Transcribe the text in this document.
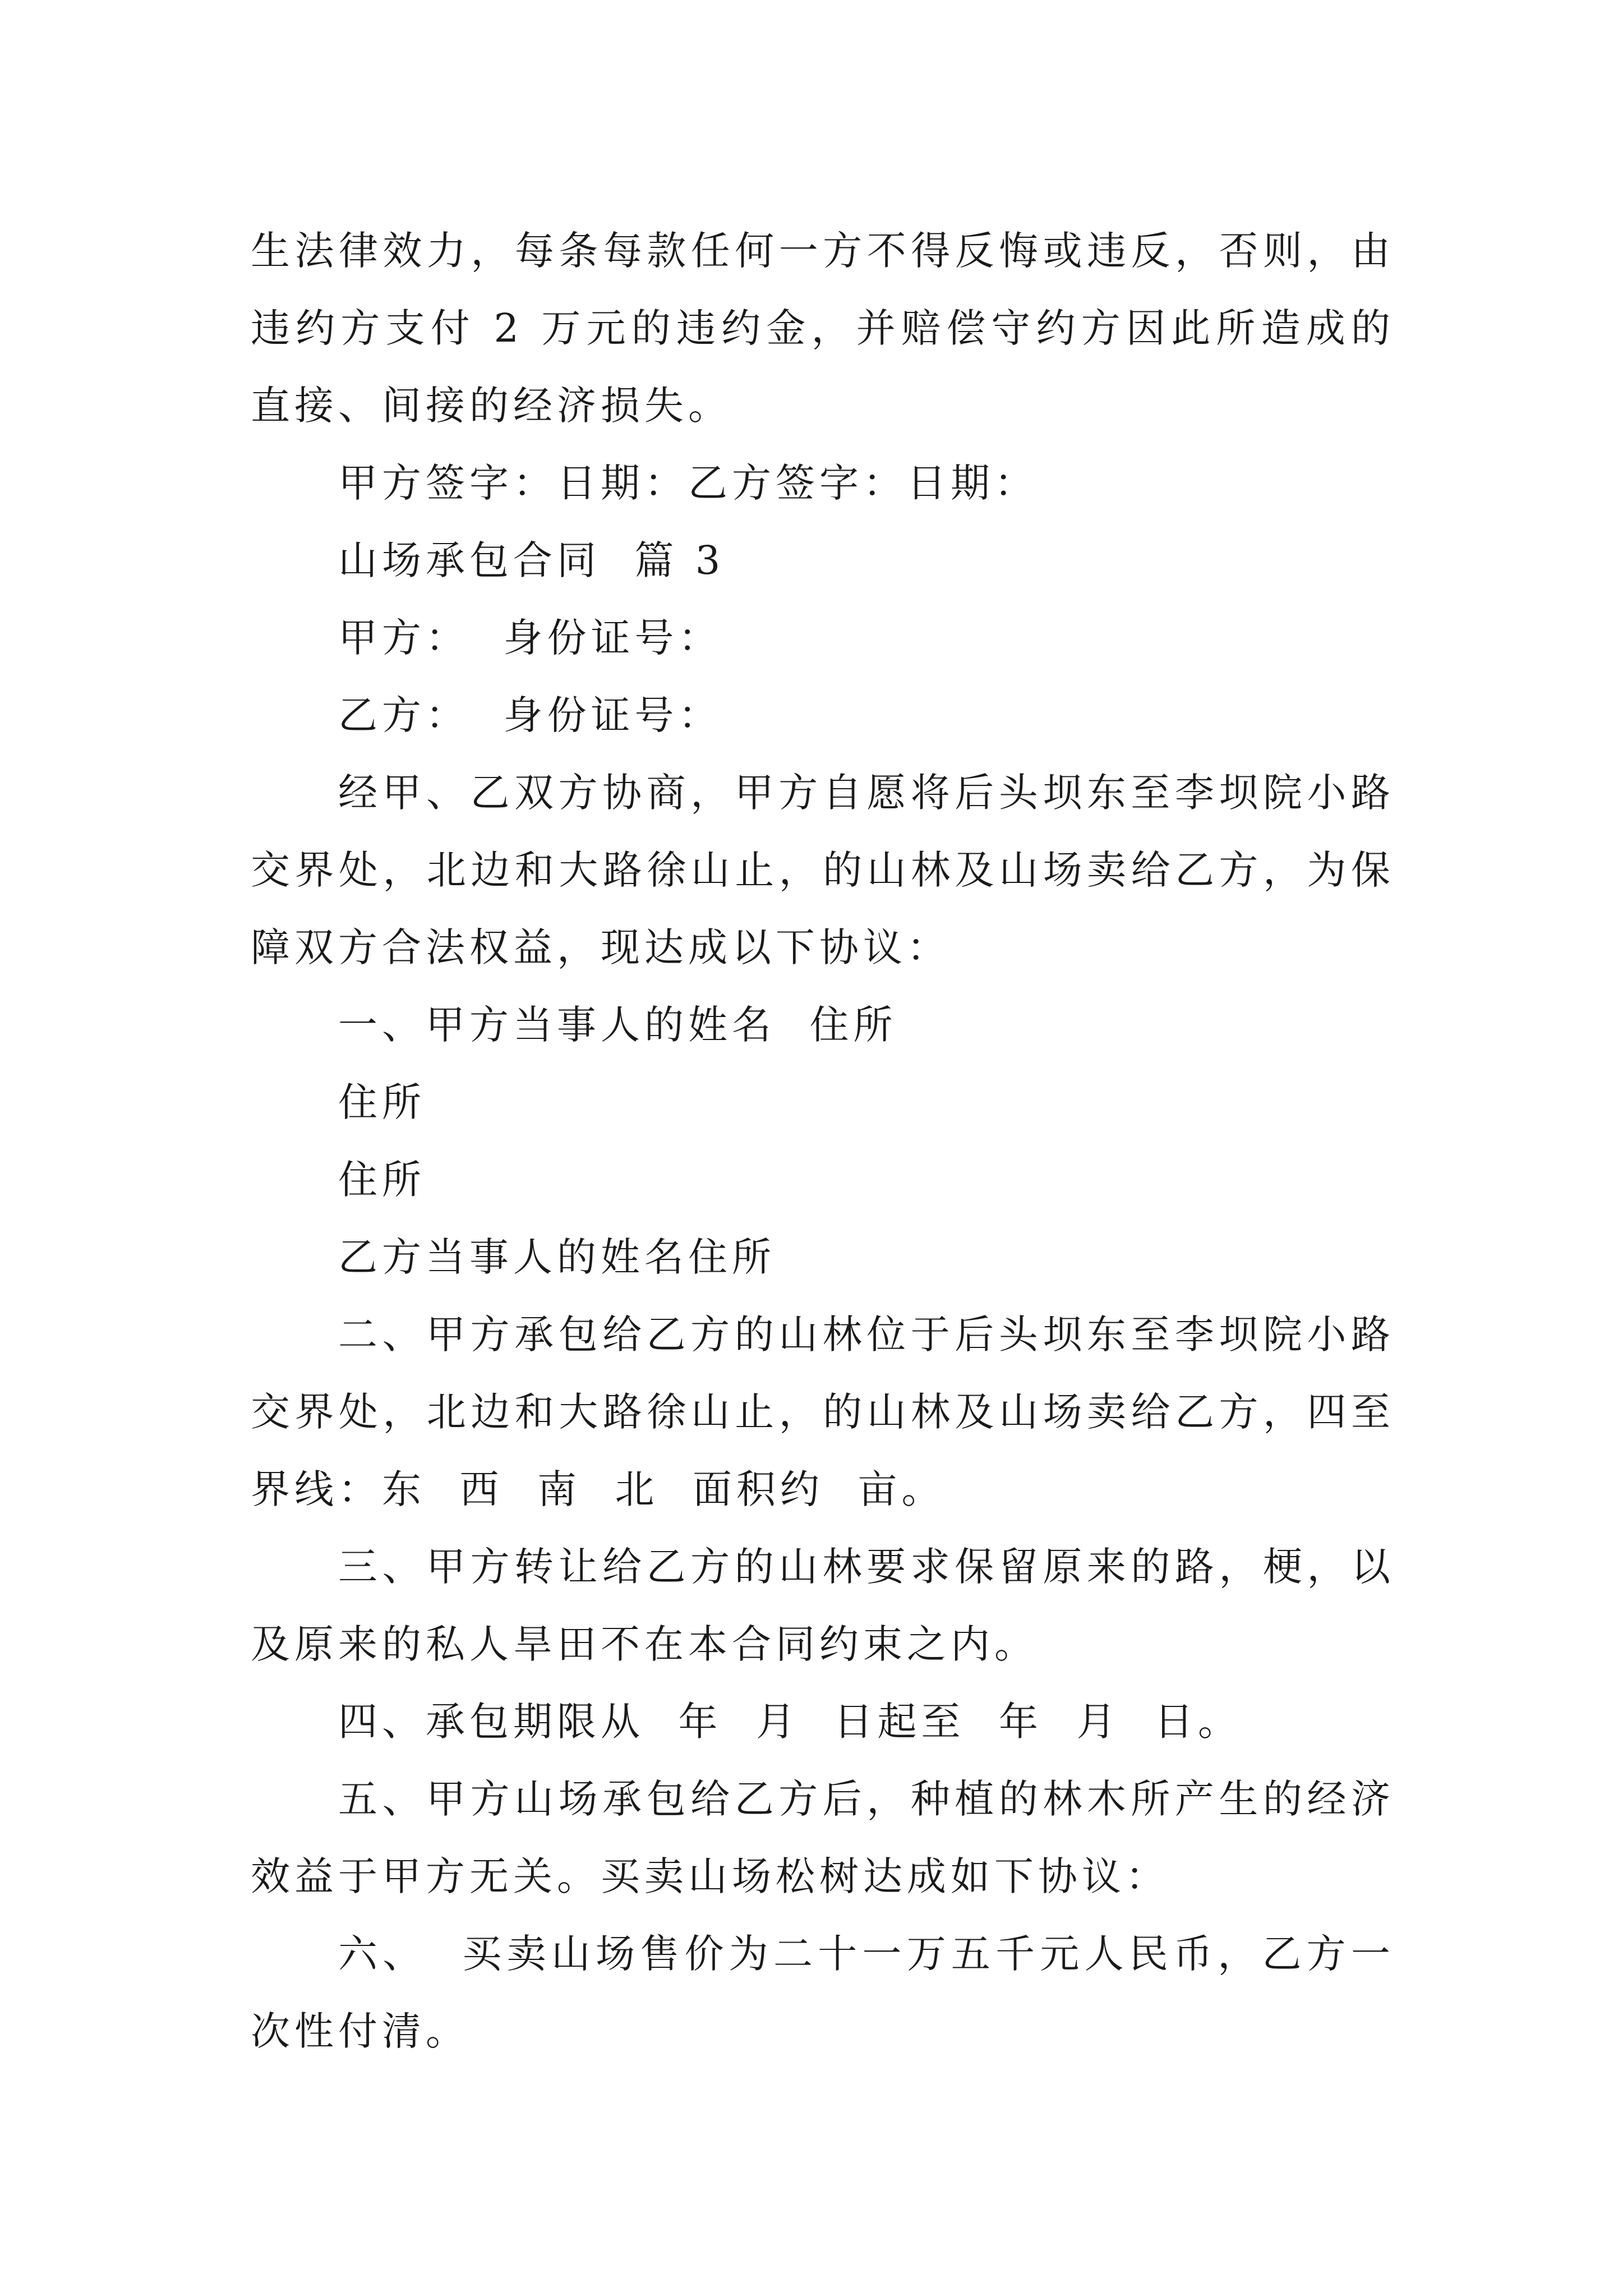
生法律效力，每条每款任何一方不得反悔或违反，否则，由违约方支付 2 万元的违约金，并赔偿守约方因此所造成的直接、间接的经济损失。

甲方签字：日期：乙方签字：日期：

山场承包合同  篇 3

甲方：  身份证号：

乙方：  身份证号：

经甲、乙双方协商，甲方自愿将后头坝东至李坝院小路交界处，北边和大路徐山止，的山林及山场卖给乙方，为保障双方合法权益，现达成以下协议：

一、甲方当事人的姓名  住所

住所

住所

乙方当事人的姓名住所

二、甲方承包给乙方的山林位于后头坝东至李坝院小路交界处，北边和大路徐山止，的山林及山场卖给乙方，四至界线：东  西  南  北  面积约  亩。

三、甲方转让给乙方的山林要求保留原来的路，梗，以及原来的私人旱田不在本合同约束之内。

四、承包期限从  年  月  日起至  年  月  日。

五、甲方山场承包给乙方后，种植的林木所产生的经济效益于甲方无关。买卖山场松树达成如下协议：

六、  买卖山场售价为二十一万五千元人民币，乙方一次性付清。
